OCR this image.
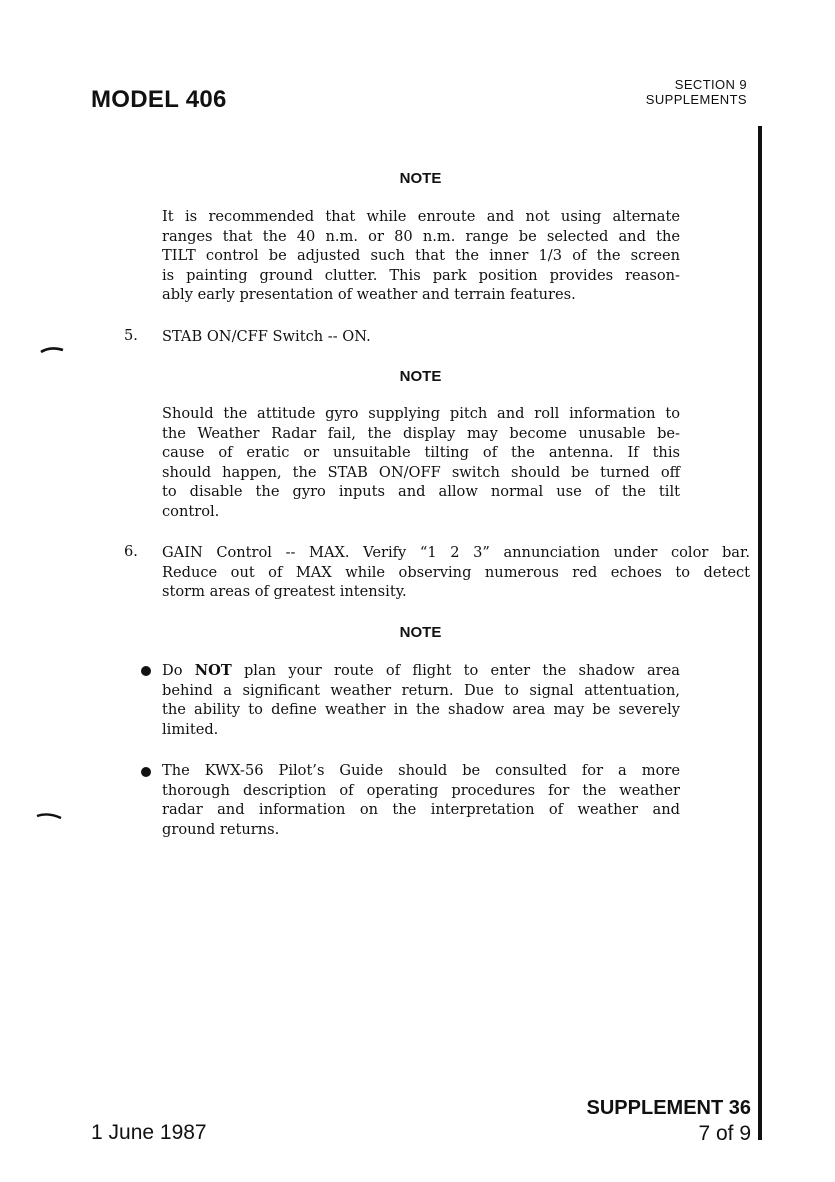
MODEL 406
SECTION 9
SUPPLEMENTS
NOTE
It is recommended that while enroute and not using alternate
ranges that the 40 n.m. or 80 n.m. range be selected and the
TILT control be adjusted such that the inner 1/3 of the screen
is painting ground clutter. This park position provides reason-
ably early presentation of weather and terrain features.
5. STAB ON/CFF Switch -- ON.
NOTE
Should the attitude gyro supplying pitch and roll information to
the Weather Radar fail, the display may become unusable be-
cause of eratic or unsuitable tilting of the antenna. If this
should happen, the STAB ON/OFF switch should be turned off
to disable the gyro inputs and allow normal use of the tilt
control.
6. GAIN Control -- MAX. Verify “1 2 3” annunciation under color bar.
Reduce out of MAX while observing numerous red echoes to detect
storm areas of greatest intensity.
NOTE
Do NOT plan your route of flight to enter the shadow area
behind a significant weather return. Due to signal attentuation,
the ability to define weather in the shadow area may be severely
limited.
The KWX-56 Pilot’s Guide should be consulted for a more
thorough description of operating procedures for the weather
radar and information on the interpretation of weather and
ground returns.
1 June 1987
SUPPLEMENT 36
7 of 9
